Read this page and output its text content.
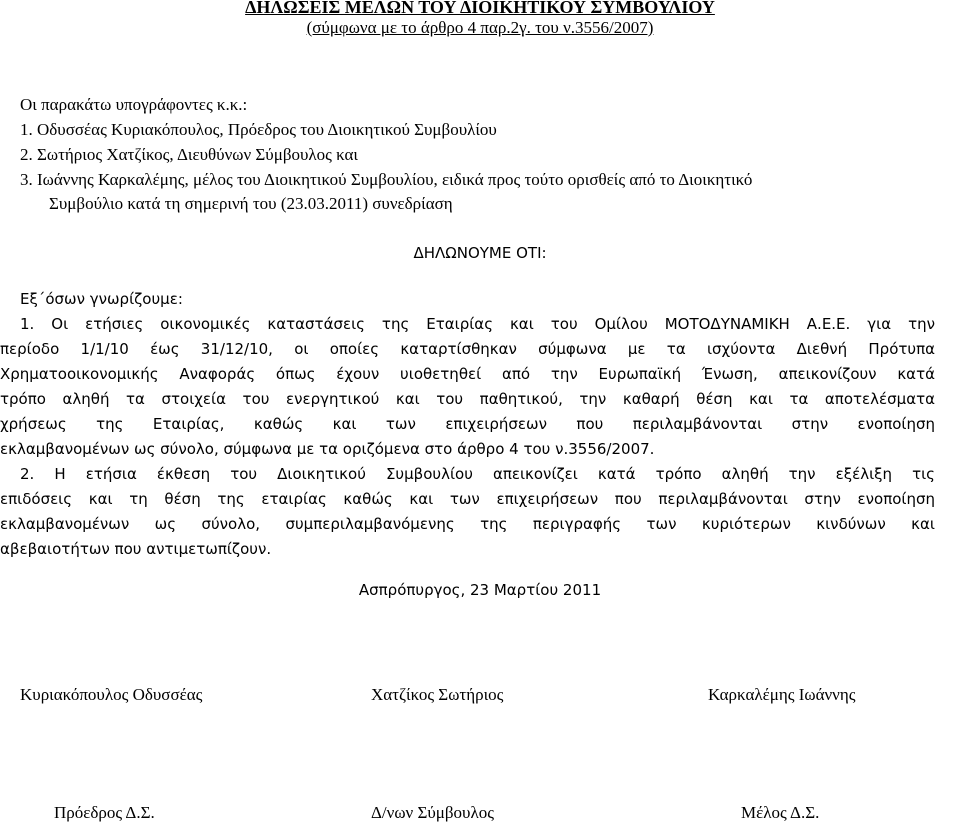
ΔΗΛΩΣΕΙΣ ΜΕΛΩΝ ΤΟΥ ΔΙΟΙΚΗΤΙΚΟΥ ΣΥΜΒΟΥΛΙΟΥ
(σύμφωνα με το άρθρο 4 παρ.2γ. του ν.3556/2007)
Οι παρακάτω υπογράφοντες κ.κ.:
1. Οδυσσέας Κυριακόπουλος, Πρόεδρος του Διοικητικού Συμβουλίου
2. Σωτήριος Χατζίκος, Διευθύνων Σύμβουλος και
3. Ιωάννης Καρκαλέμης, μέλος του Διοικητικού Συμβουλίου, ειδικά προς τούτο ορισθείς από το Διοικητικό
Συμβούλιο κατά τη σημερινή του (23.03.2011) συνεδρίαση
ΔΗΛΩΝΟΥΜΕ ΟΤΙ:
Εξ΄όσων γνωρίζουμε:
1. Οι ετήσιες οικονομικές καταστάσεις της Εταιρίας και του Ομίλου ΜΟΤΟΔΥΝΑΜΙΚΗ Α.Ε.Ε. για την
περίοδο 1/1/10 έως 31/12/10, οι οποίες καταρτίσθηκαν σύμφωνα με τα ισχύοντα Διεθνή Πρότυπα
Χρηματοοικονομικής Αναφοράς όπως έχουν υιοθετηθεί από την Ευρωπαϊκή Ένωση, απεικονίζουν κατά
τρόπο αληθή τα στοιχεία του ενεργητικού και του παθητικού, την καθαρή θέση και τα αποτελέσματα
χρήσεως της Εταιρίας, καθώς και των επιχειρήσεων που περιλαμβάνονται στην ενοποίηση
εκλαμβανομένων ως σύνολο, σύμφωνα με τα οριζόμενα στο άρθρο 4 του ν.3556/2007.
2. Η ετήσια έκθεση του Διοικητικού Συμβουλίου απεικονίζει κατά τρόπο αληθή την εξέλιξη τις
επιδόσεις και τη θέση της εταιρίας καθώς και των επιχειρήσεων που περιλαμβάνονται στην ενοποίηση
εκλαμβανομένων ως σύνολο, συμπεριλαμβανόμενης της περιγραφής των κυριότερων κινδύνων και
αβεβαιοτήτων που αντιμετωπίζουν.
Ασπρόπυργος, 23 Μαρτίου 2011
Κυριακόπουλος Οδυσσέας	Χατζίκος Σωτήριος	Καρκαλέμης Ιωάννης
Πρόεδρος Δ.Σ.	Δ/νων Σύμβουλος	Μέλος Δ.Σ.
